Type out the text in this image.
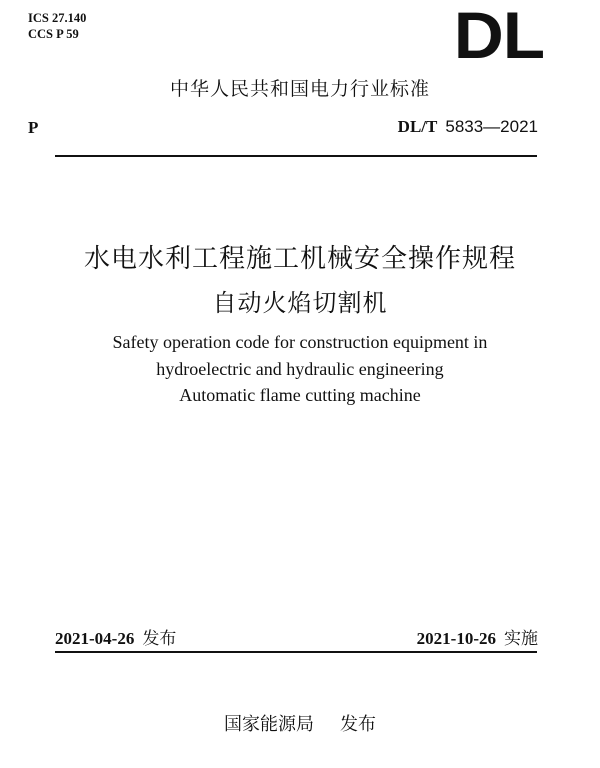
ICS 27.140
CCS P 59	DL
中华人民共和国电力行业标准
P	DL/T 5833—2021
水电水利工程施工机械安全操作规程
自动火焰切割机
Safety operation code for construction equipment in
hydroelectric and hydraulic engineering
Automatic flame cutting machine
2021-04-26 发布	2021-10-26 实施
国家能源局 发布
